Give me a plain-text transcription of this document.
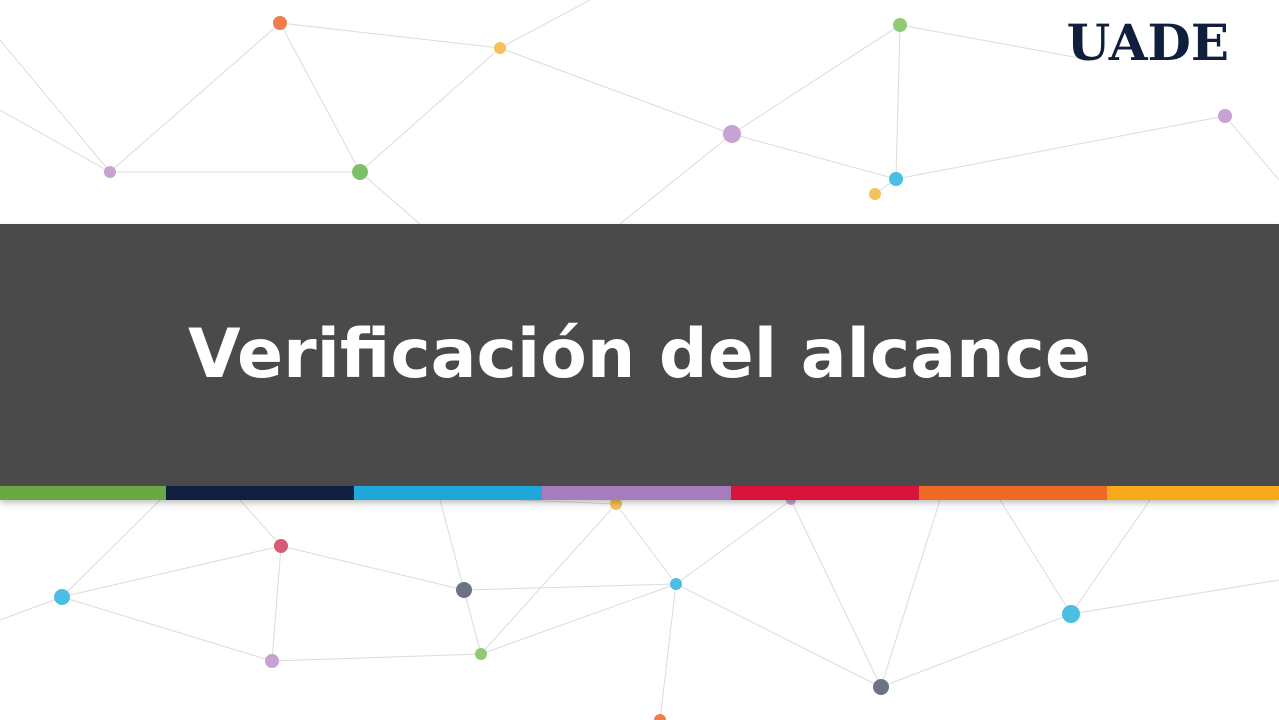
UADE
Verificación del alcance
